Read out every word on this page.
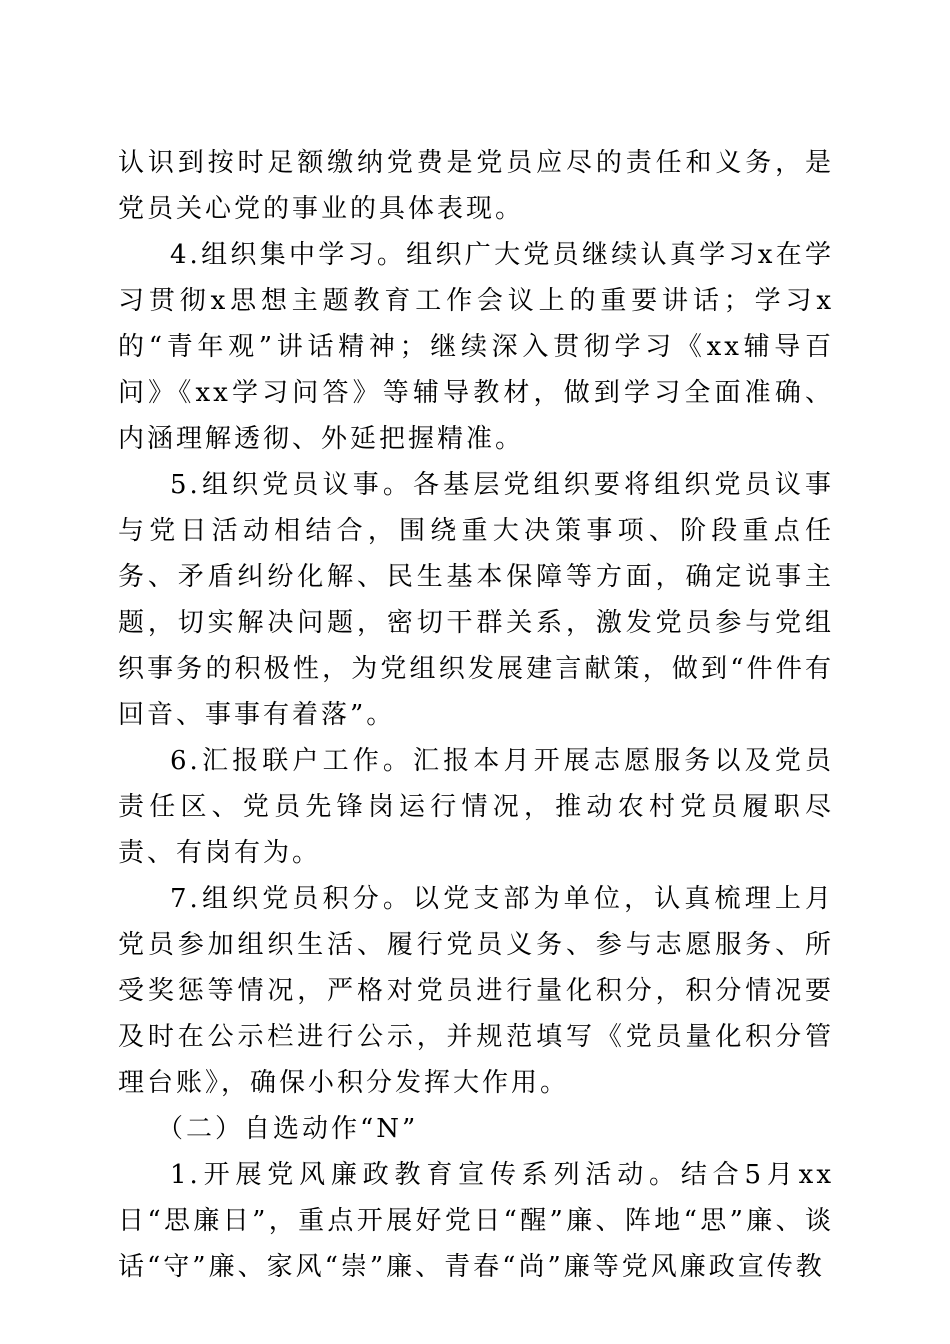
认识到按时足额缴纳党费是党员应尽的责任和义务，是党员关心党的事业的具体表现。

4.组织集中学习。组织广大党员继续认真学习x在学习贯彻x思想主题教育工作会议上的重要讲话；学习x的“青年观”讲话精神；继续深入贯彻学习《xx辅导百问》《xx学习问答》等辅导教材，做到学习全面准确、内涵理解透彻、外延把握精准。

5.组织党员议事。各基层党组织要将组织党员议事与党日活动相结合，围绕重大决策事项、阶段重点任务、矛盾纠纷化解、民生基本保障等方面，确定说事主题，切实解决问题，密切干群关系，激发党员参与党组织事务的积极性，为党组织发展建言献策，做到“件件有回音、事事有着落”。

6.汇报联户工作。汇报本月开展志愿服务以及党员责任区、党员先锋岗运行情况，推动农村党员履职尽责、有岗有为。

7.组织党员积分。以党支部为单位，认真梳理上月党员参加组织生活、履行党员义务、参与志愿服务、所受奖惩等情况，严格对党员进行量化积分，积分情况要及时在公示栏进行公示，并规范填写《党员量化积分管理台账》，确保小积分发挥大作用。

（二）自选动作“N”

1.开展党风廉政教育宣传系列活动。结合5月xx日“思廉日”，重点开展好党日“醒”廉、阵地“思”廉、谈话“守”廉、家风“崇”廉、青春“尚”廉等党风廉政宣传教
